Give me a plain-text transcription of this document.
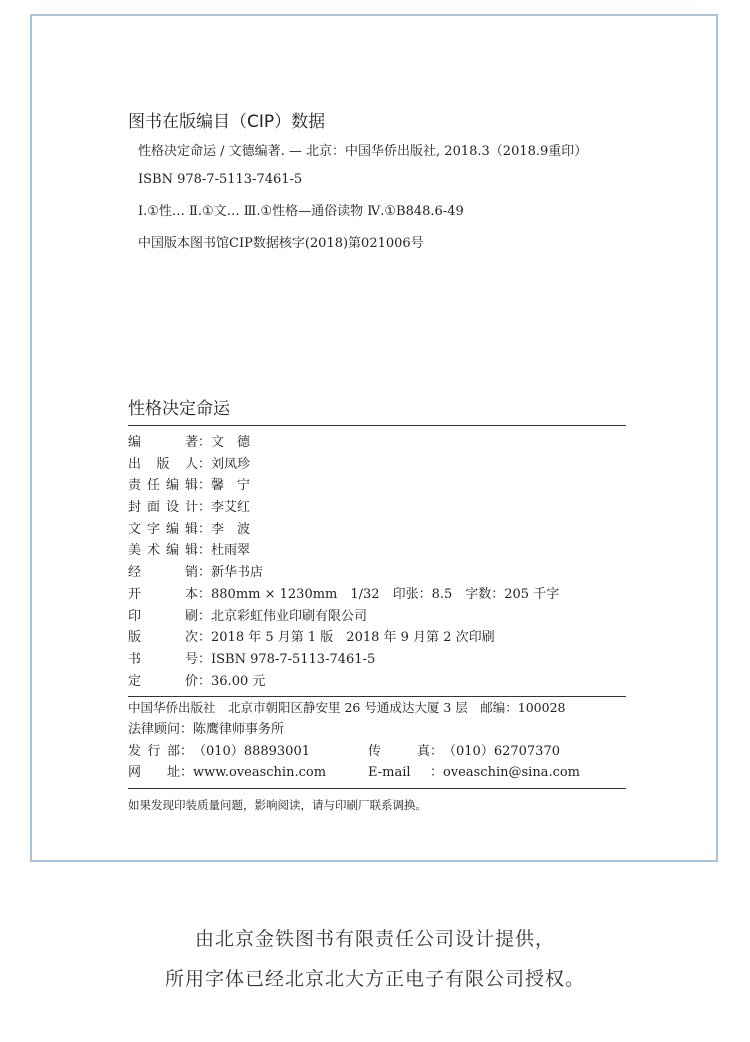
图书在版编目（CIP）数据
性格决定命运 / 文德编著. — 北京：中国华侨出版社, 2018.3（2018.9重印）
ISBN 978-7-5113-7461-5
Ⅰ.①性… Ⅱ.①文… Ⅲ.①性格—通俗读物 Ⅳ.①B848.6-49
中国版本图书馆CIP数据核字(2018)第021006号
性格决定命运
编著：文　德
出版人：刘凤珍
责任编辑：馨　宁
封面设计：李艾红
文字编辑：李　波
美术编辑：杜雨翠
经销：新华书店
开本：880mm × 1230mm　1/32　印张：8.5　字数：205 千字
印刷：北京彩虹伟业印刷有限公司
版次：2018 年 5 月第 1 版　2018 年 9 月第 2 次印刷
书号：ISBN 978-7-5113-7461-5
定价：36.00 元
中国华侨出版社　北京市朝阳区静安里 26 号通成达大厦 3 层　邮编：100028
法律顾问：陈鹰律师事务所
发行部：（010）88893001	传真：（010）62707370
网址：www.oveaschin.com	E-mail ：oveaschin@sina.com
如果发现印装质量问题，影响阅读，请与印刷厂联系调换。
由北京金铁图书有限责任公司设计提供，
所用字体已经北京北大方正电子有限公司授权。
